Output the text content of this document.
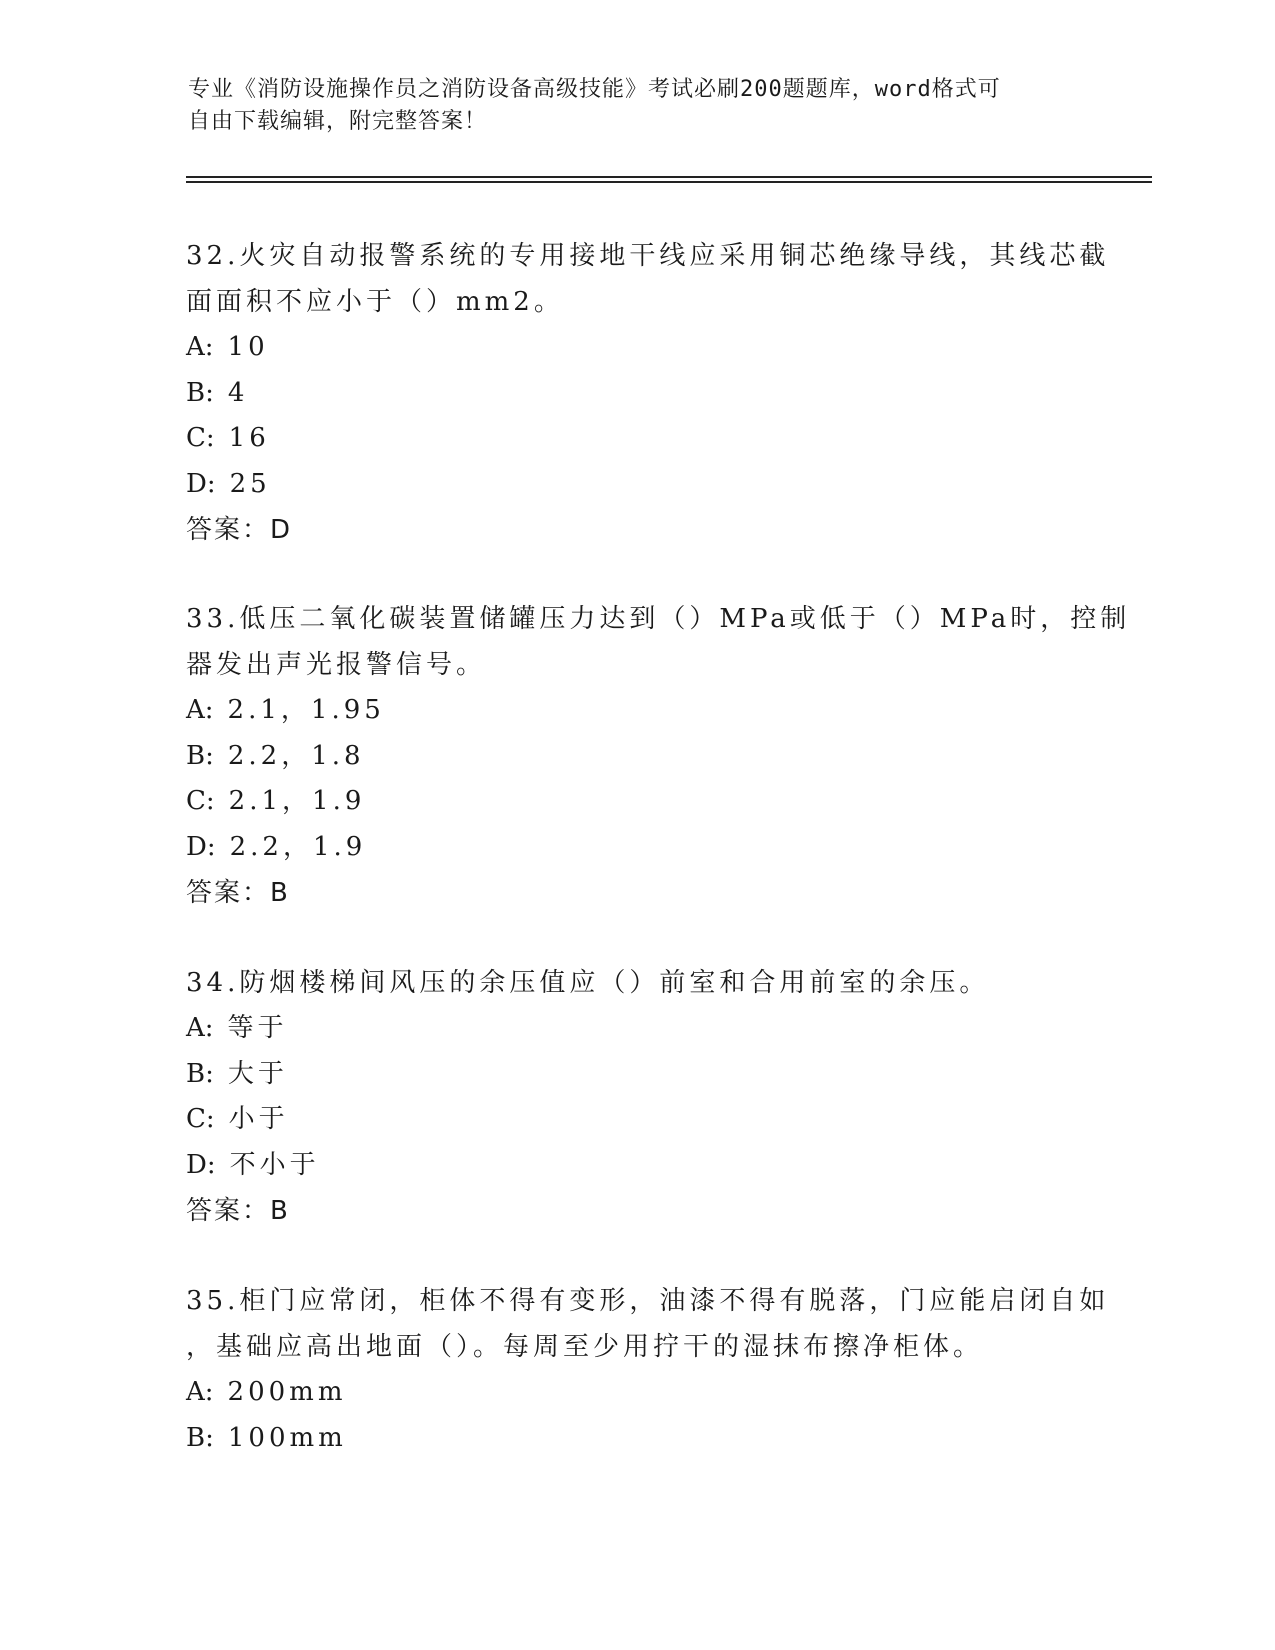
专业《消防设施操作员之消防设备高级技能》考试必刷200题题库，word格式可
自由下载编辑，附完整答案！
32.火灾自动报警系统的专用接地干线应采用铜芯绝缘导线，其线芯截
面面积不应小于（）mm2。
A: 10
B: 4
C: 16
D: 25
答案：D
33.低压二氧化碳装置储罐压力达到（）MPa或低于（）MPa时，控制
器发出声光报警信号。
A: 2.1，1.95
B: 2.2，1.8
C: 2.1，1.9
D: 2.2，1.9
答案：B
34.防烟楼梯间风压的余压值应（）前室和合用前室的余压。
A: 等于
B: 大于
C: 小于
D: 不小于
答案：B
35.柜门应常闭，柜体不得有变形，油漆不得有脱落，门应能启闭自如
，基础应高出地面（）。每周至少用拧干的湿抹布擦净柜体。
A: 200mm
B: 100mm
